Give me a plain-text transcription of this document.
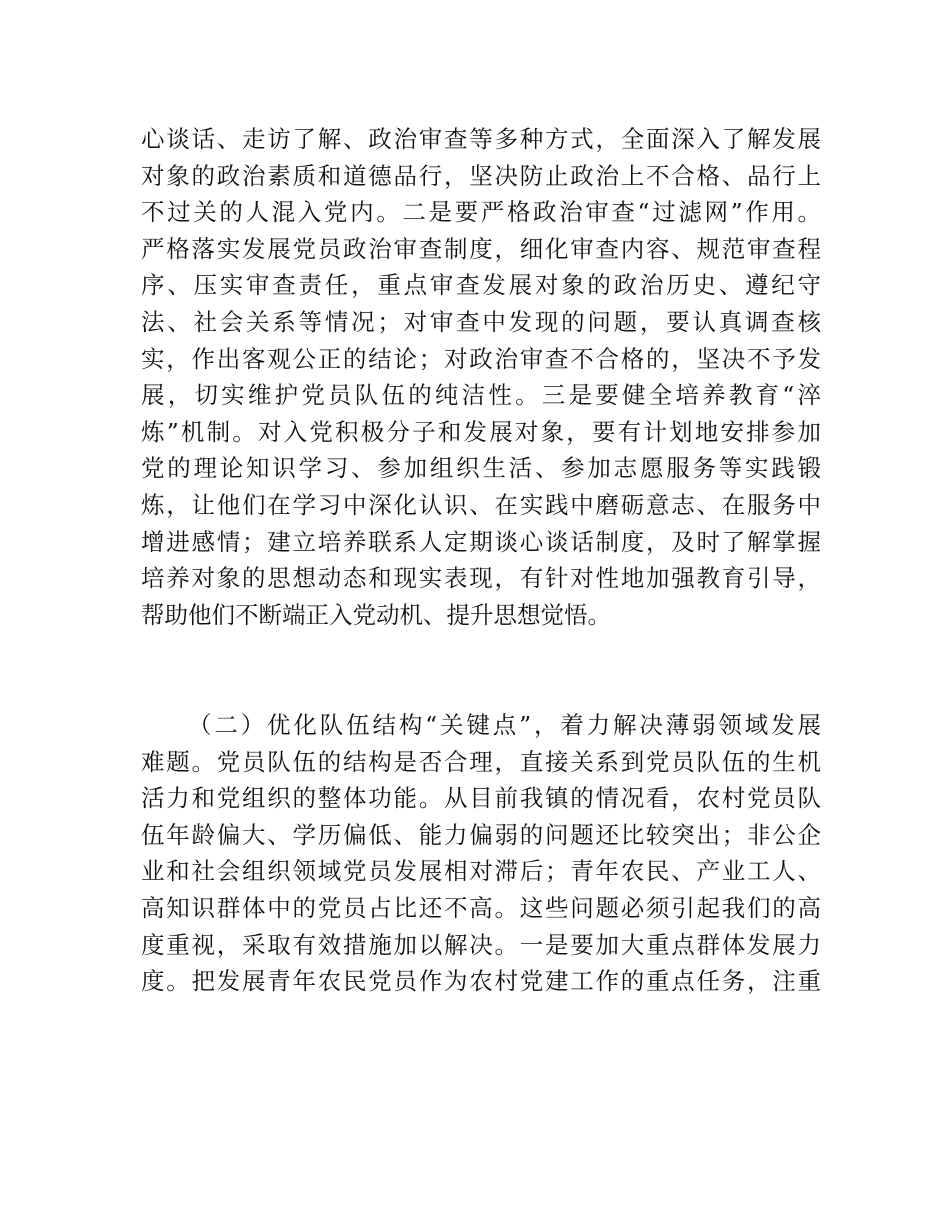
心谈话、走访了解、政治审查等多种方式，全面深入了解发展
对象的政治素质和道德品行，坚决防止政治上不合格、品行上
不过关的人混入党内。二是要严格政治审查“过滤网”作用。
严格落实发展党员政治审查制度，细化审查内容、规范审查程
序、压实审查责任，重点审查发展对象的政治历史、遵纪守
法、社会关系等情况；对审查中发现的问题，要认真调查核
实，作出客观公正的结论；对政治审查不合格的，坚决不予发
展，切实维护党员队伍的纯洁性。三是要健全培养教育“淬
炼”机制。对入党积极分子和发展对象，要有计划地安排参加
党的理论知识学习、参加组织生活、参加志愿服务等实践锻
炼，让他们在学习中深化认识、在实践中磨砺意志、在服务中
增进感情；建立培养联系人定期谈心谈话制度，及时了解掌握
培养对象的思想动态和现实表现，有针对性地加强教育引导，
帮助他们不断端正入党动机、提升思想觉悟。
（二）优化队伍结构“关键点”，着力解决薄弱领域发展
难题。党员队伍的结构是否合理，直接关系到党员队伍的生机
活力和党组织的整体功能。从目前我镇的情况看，农村党员队
伍年龄偏大、学历偏低、能力偏弱的问题还比较突出；非公企
业和社会组织领域党员发展相对滞后；青年农民、产业工人、
高知识群体中的党员占比还不高。这些问题必须引起我们的高
度重视，采取有效措施加以解决。一是要加大重点群体发展力
度。把发展青年农民党员作为农村党建工作的重点任务，注重
